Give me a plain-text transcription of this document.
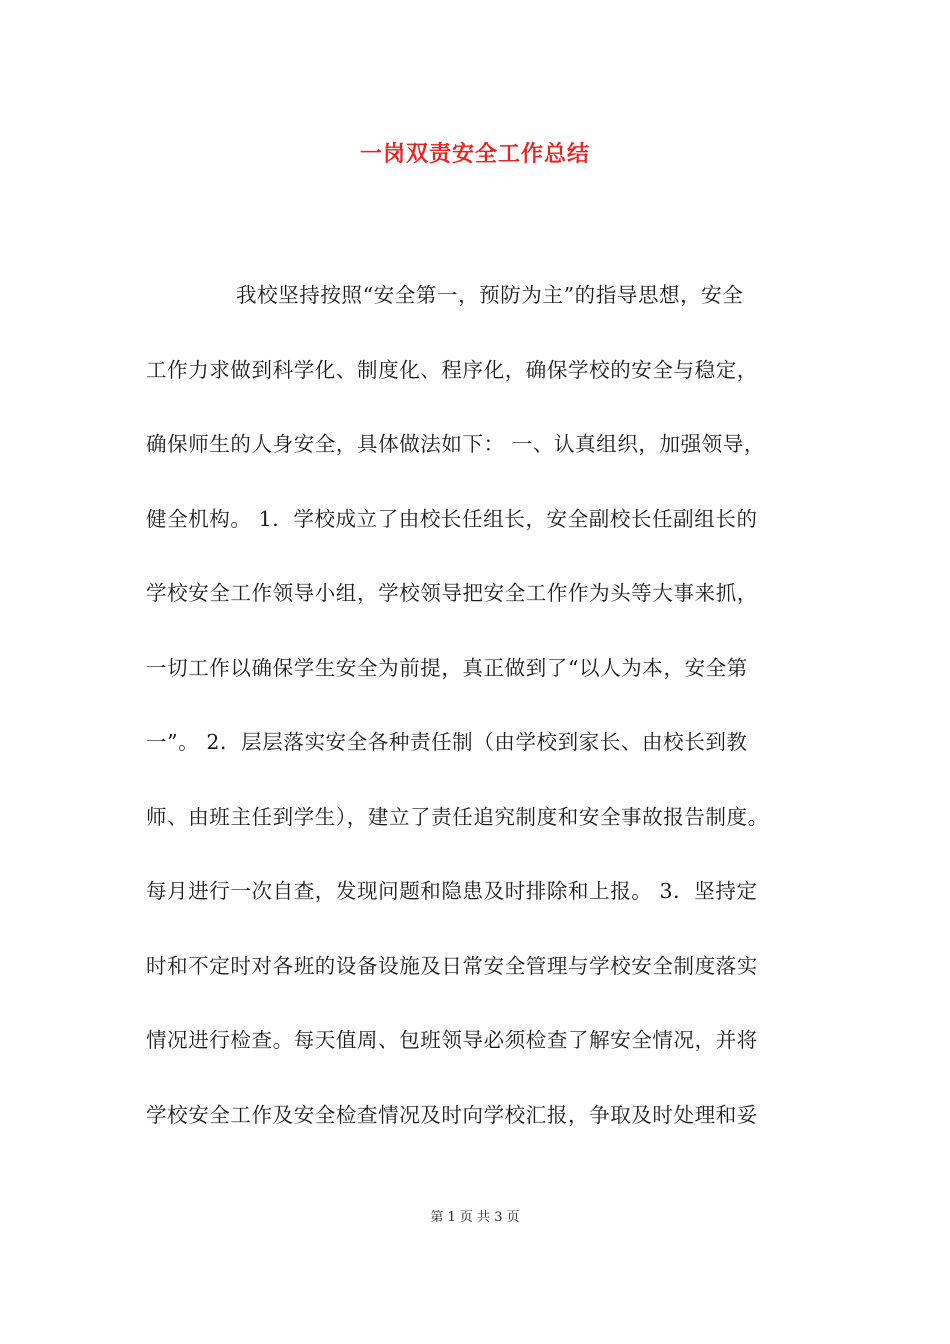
一岗双责安全工作总结
我校坚持按照“安全第一，预防为主”的指导思想，安全
工作力求做到科学化、制度化、程序化，确保学校的安全与稳定，
确保师生的人身安全，具体做法如下： 一、认真组织，加强领导，
健全机构。 1．学校成立了由校长任组长，安全副校长任副组长的
学校安全工作领导小组，学校领导把安全工作作为头等大事来抓，
一切工作以确保学生安全为前提，真正做到了“以人为本，安全第
一”。 2．层层落实安全各种责任制（由学校到家长、由校长到教
师、由班主任到学生），建立了责任追究制度和安全事故报告制度。
每月进行一次自查，发现问题和隐患及时排除和上报。 3．坚持定
时和不定时对各班的设备设施及日常安全管理与学校安全制度落实
情况进行检查。每天值周、包班领导必须检查了解安全情况，并将
学校安全工作及安全检查情况及时向学校汇报，争取及时处理和妥
第 1 页 共 3 页
